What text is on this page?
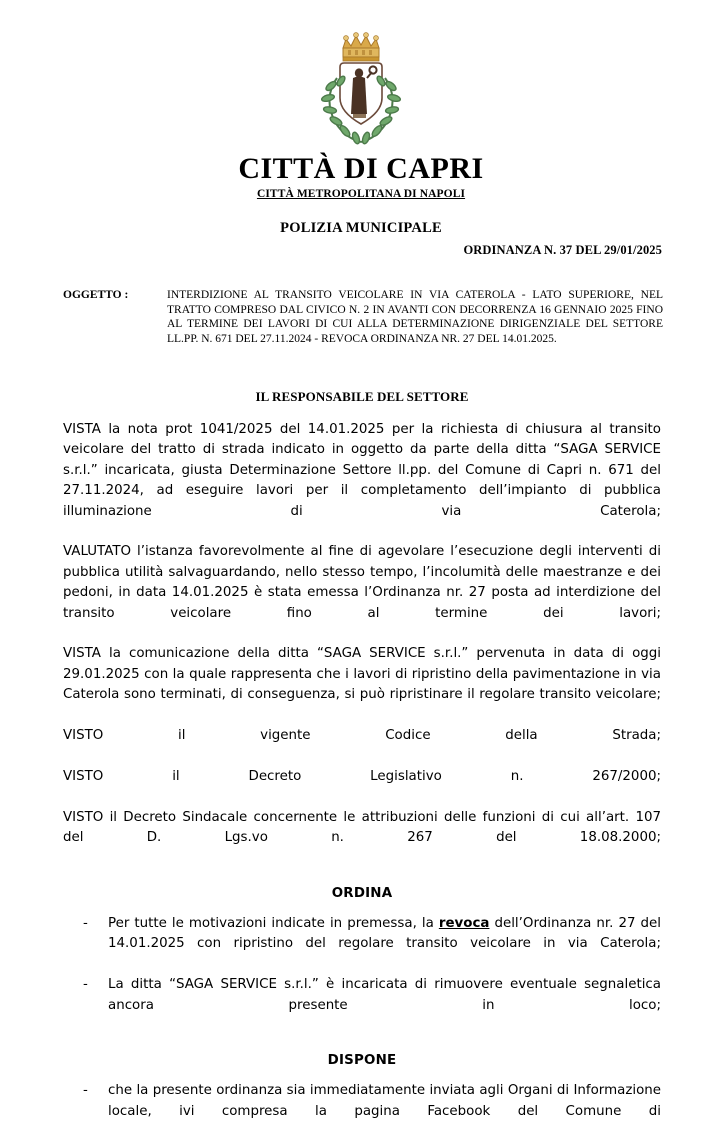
CITTÀ DI CAPRI
CITTÀ METROPOLITANA DI NAPOLI
POLIZIA MUNICIPALE
ORDINANZA N. 37 DEL 29/01/2025
OGGETTO :	INTERDIZIONE AL TRANSITO VEICOLARE IN VIA CATEROLA - LATO SUPERIORE, NEL TRATTO COMPRESO DAL CIVICO N. 2 IN AVANTI CON DECORRENZA 16 GENNAIO 2025 FINO AL TERMINE DEI LAVORI DI CUI ALLA DETERMINAZIONE DIRIGENZIALE DEL SETTORE LL.PP. N. 671 DEL 27.11.2024 - REVOCA ORDINANZA NR. 27 DEL 14.01.2025.
IL RESPONSABILE DEL SETTORE

VISTA la nota prot 1041/2025 del 14.01.2025 per la richiesta di chiusura al transito veicolare del tratto di strada indicato in oggetto da parte della ditta “SAGA SERVICE s.r.l.” incaricata, giusta Determinazione Settore ll.pp. del Comune di Capri n. 671 del 27.11.2024, ad eseguire lavori per il completamento dell’impianto di pubblica illuminazione di via Caterola;

VALUTATO l’istanza favorevolmente al fine di agevolare l’esecuzione degli interventi di pubblica utilità salvaguardando, nello stesso tempo, l’incolumità delle maestranze e dei pedoni, in data 14.01.2025 è stata emessa l’Ordinanza nr. 27 posta ad interdizione del transito veicolare fino al termine dei lavori;

VISTA la comunicazione della ditta “SAGA SERVICE s.r.l.” pervenuta in data di oggi 29.01.2025 con la quale rappresenta che i lavori di ripristino della pavimentazione in via Caterola sono terminati, di conseguenza, si può ripristinare il regolare transito veicolare;

VISTO il vigente Codice della Strada;

VISTO il Decreto Legislativo n. 267/2000;

VISTO il Decreto Sindacale concernente le attribuzioni delle funzioni di cui all’art. 107 del D. Lgs.vo n. 267 del 18.08.2000;

ORDINA
- Per tutte le motivazioni indicate in premessa, la revoca dell’Ordinanza nr. 27 del 14.01.2025 con ripristino del regolare transito veicolare in via Caterola;
- La ditta “SAGA SERVICE s.r.l.” è incaricata di rimuovere eventuale segnaletica ancora presente in loco;
DISPONE
- che la presente ordinanza sia immediatamente inviata agli Organi di Informazione locale, ivi compresa la pagina Facebook del Comune di
